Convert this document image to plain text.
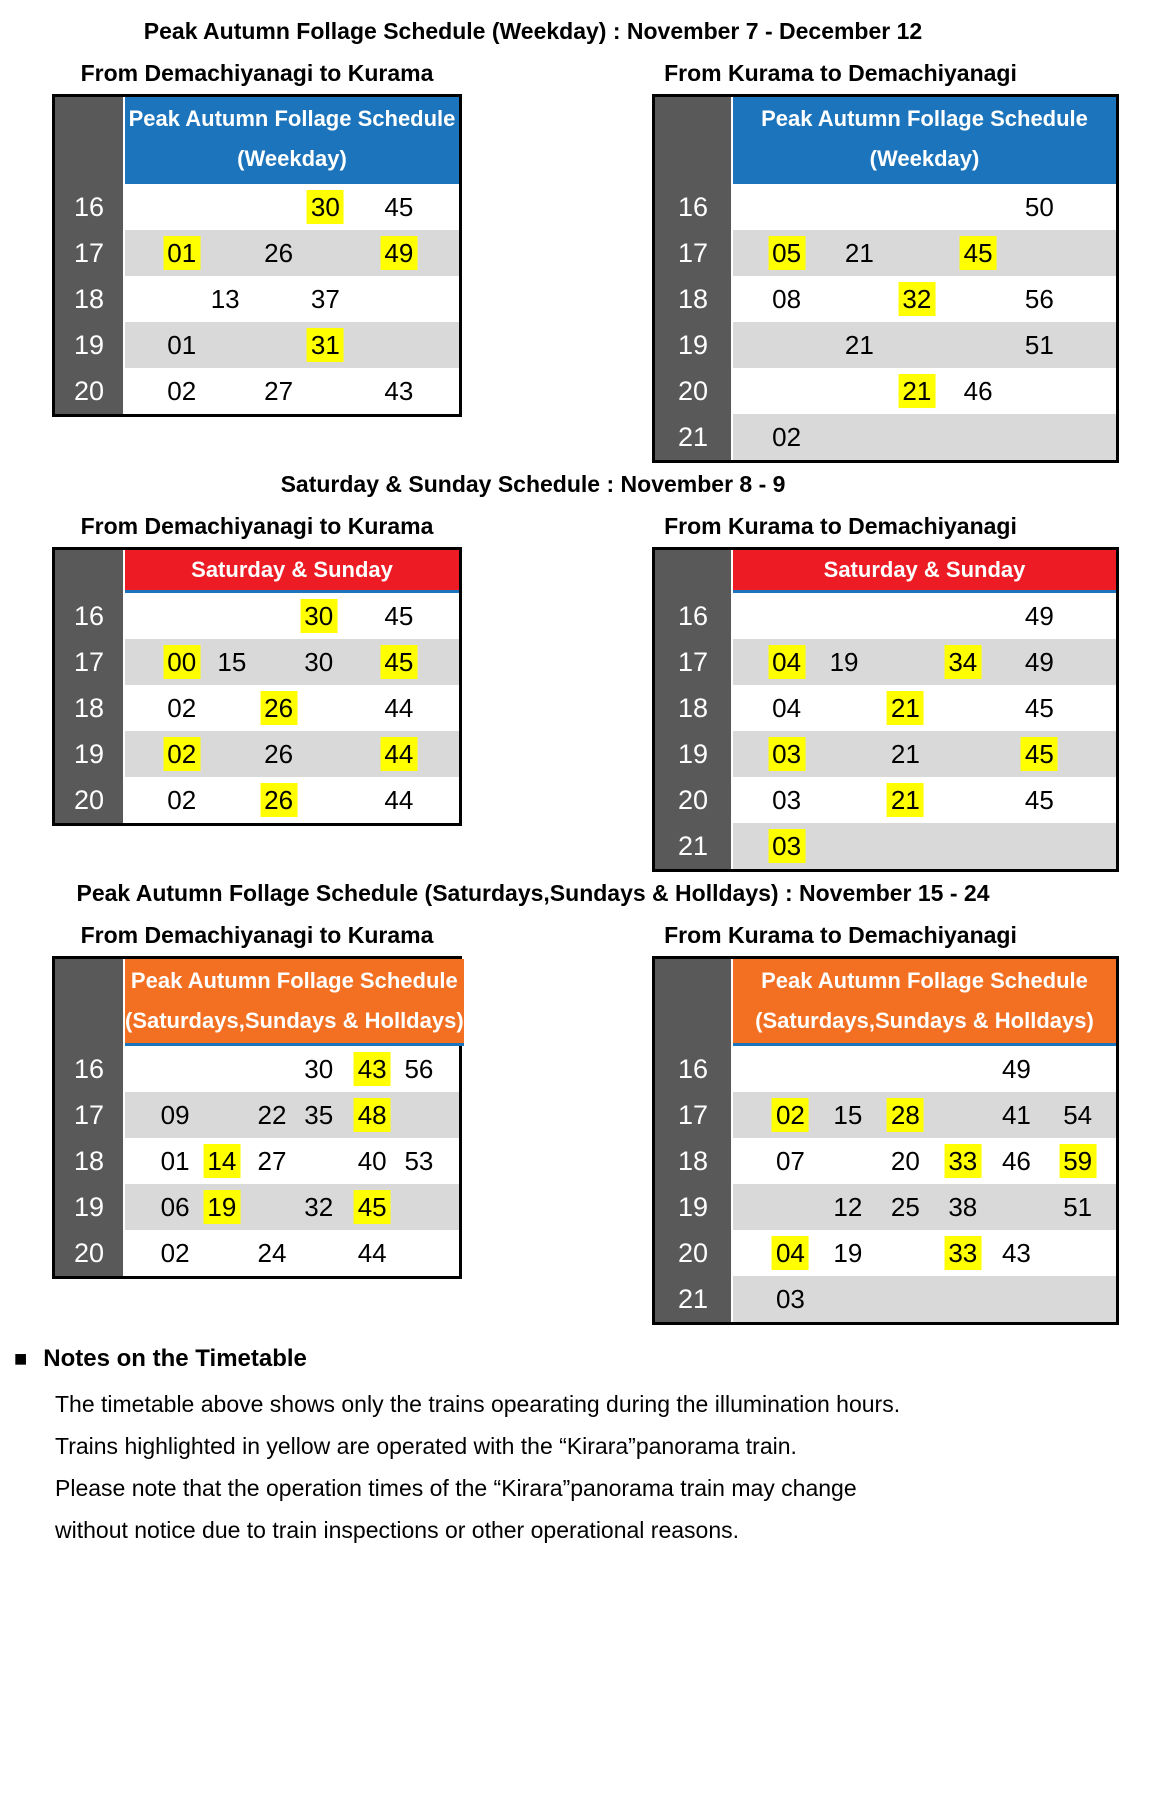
Peak Autumn Follage Schedule (Weekday) : November 7 - December 12
From Demachiyanagi to Kurama
Peak Autumn Follage Schedule
(Weekday)
16	30 45
17	01	26	49
18	13	37
19	01	31
20	02	27	43
From Kurama to Demachiyanagi
Peak Autumn Follage Schedule
(Weekday)
16	50
17	05 21	45
18	08	32	56
19	21	51
20	21 46
21	02
Saturday & Sunday Schedule : November 8 - 9
From Demachiyanagi to Kurama
Saturday & Sunday
16	30 45
17	00 15 30 45
18	02	26	44
19	02	26	44
20	02	26	44
From Kurama to Demachiyanagi
Saturday & Sunday
16	49
17	04 19	34 49
18	04	21	45
19	03	21	45
20	03	21	45
21	03
Peak Autumn Follage Schedule (Saturdays,Sundays & Holldays) : November 15 - 24
From Demachiyanagi to Kurama
Peak Autumn Follage Schedule
(Saturdays,Sundays & Holldays)
16	30 43 56
17	09	22 35 48
18	01 14 27	40 53
19	06 19	32 45
20	02	24	44
From Kurama to Demachiyanagi
Peak Autumn Follage Schedule
(Saturdays,Sundays & Holldays)
16	49
17	02 15 28	41 54
18	07	20 33 46 59
19	12 25 38	51
20	04 19	33 43
21	03
■ Notes on the Timetable
The timetable above shows only the trains opearating during the illumination hours.
Trains highlighted in yellow are operated with the “Kirara”panorama train.
Please note that the operation times of the “Kirara”panorama train may change
without notice due to train inspections or other operational reasons.
